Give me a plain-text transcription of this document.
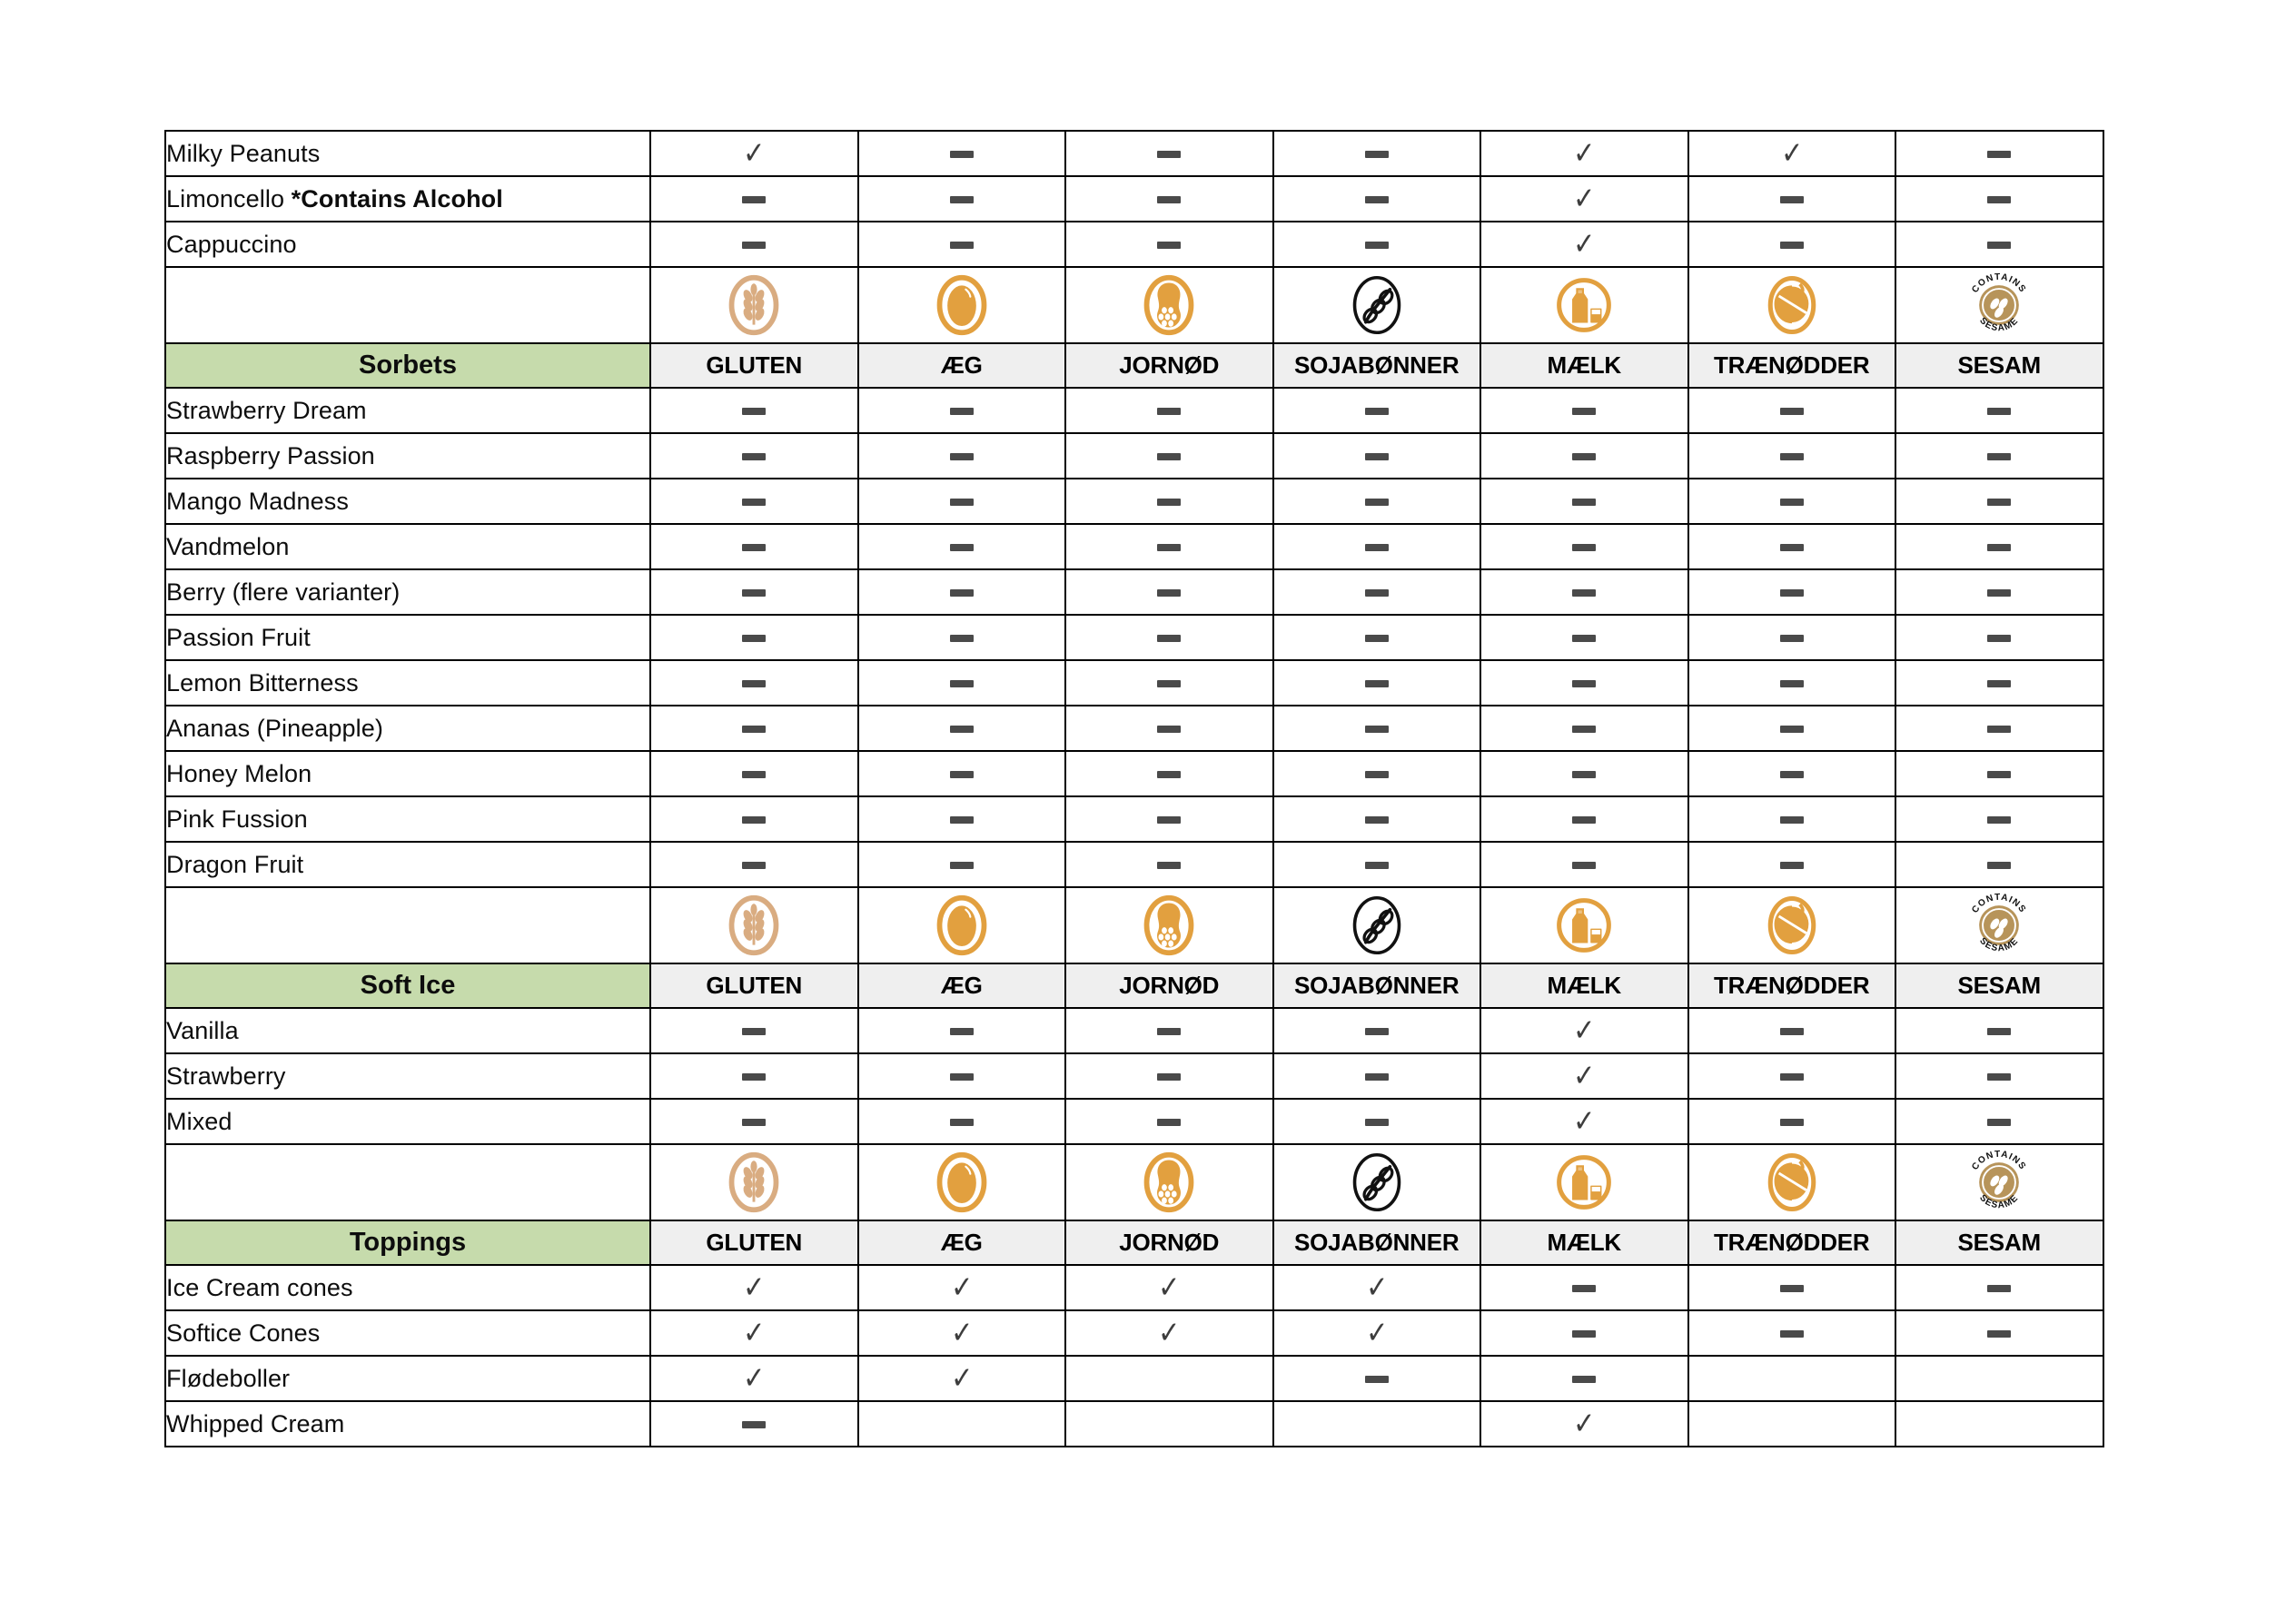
Milky Peanuts	✓				✓	✓	
Limoncello *Contains Alcohol					✓		
Cappuccino					✓		

CONTAINS
SESAME

Sorbets	GLUTEN	ÆG	JORNØD	SOJABØNNER	MÆLK	TRÆNØDDER	SESAM
Strawberry Dream							
Raspberry Passion							
Mango Madness							
Vandmelon							
Berry (flere varianter)							
Passion Fruit							
Lemon Bitterness							
Ananas (Pineapple)							
Honey Melon							
Pink Fussion							
Dragon Fruit							

CONTAINS
SESAME

Soft Ice	GLUTEN	ÆG	JORNØD	SOJABØNNER	MÆLK	TRÆNØDDER	SESAM
Vanilla					✓		
Strawberry					✓		
Mixed					✓		

CONTAINS
SESAME

Toppings	GLUTEN	ÆG	JORNØD	SOJABØNNER	MÆLK	TRÆNØDDER	SESAM
Ice Cream cones	✓	✓	✓	✓			
Softice Cones	✓	✓	✓	✓			
Flødeboller	✓	✓					
Whipped Cream					✓		
